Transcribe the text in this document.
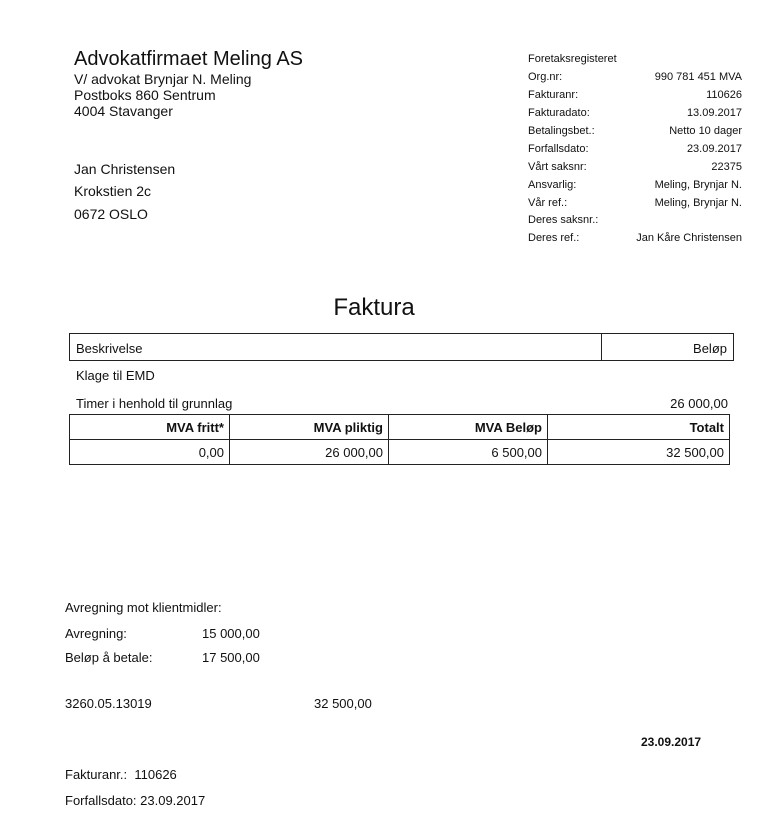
Advokatfirmaet Meling AS
V/ advokat Brynjar N. Meling
Postboks 860 Sentrum
4004 Stavanger
Jan Christensen
Krokstien 2c
0672 OSLO
Foretaksregisteret
Org.nr:	990 781 451 MVA
Fakturanr:	110626
Fakturadato:	13.09.2017
Betalingsbet.:	Netto 10 dager
Forfallsdato:	23.09.2017
Vårt saksnr:	22375
Ansvarlig:	Meling, Brynjar N.
Vår ref.:	Meling, Brynjar N.
Deres saksnr.:
Deres ref.:	Jan Kåre Christensen
Faktura
Beskrivelse	Beløp
Klage til EMD
Timer i henhold til grunnlag	26 000,00
MVA fritt*	MVA pliktig	MVA Beløp	Totalt
0,00	26 000,00	6 500,00	32 500,00
Avregning mot klientmidler:
Avregning:	15 000,00
Beløp å betale:	17 500,00
3260.05.13019	32 500,00
23.09.2017
Fakturanr.:  110626
Forfallsdato: 23.09.2017
